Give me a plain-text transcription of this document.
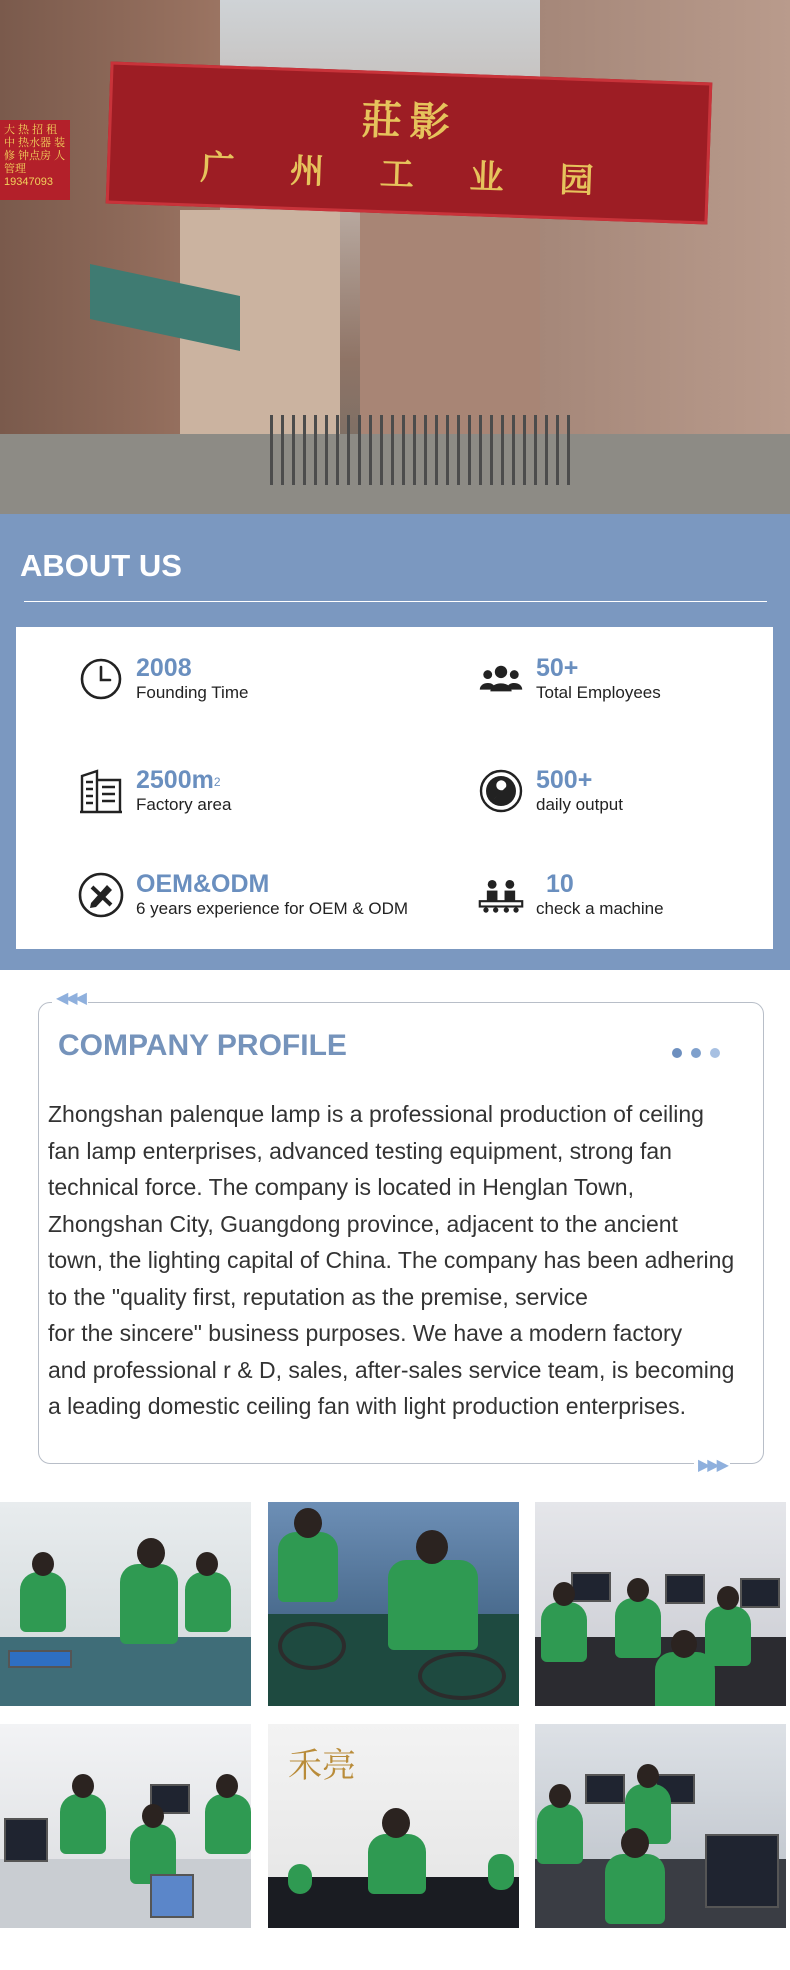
大 热 招 租 中 热水器 装 修 钟点房 人管理 19347093
莊影
广 州 工 业 园
ABOUT US
2008
Founding Time
50+
Total Employees
$2500m^2$
Factory area
500+
daily output
OEM&ODM
6 years experience for OEM & ODM
10
check a machine
◀◀◀
▶▶▶
COMPANY PROFILE

Zhongshan palenque lamp is a professional production of ceiling
fan lamp enterprises, advanced testing equipment, strong fan
technical force. The company is located in Henglan Town,
Zhongshan City, Guangdong province, adjacent to the ancient
town, the lighting capital of China. The company has been adhering
to the "quality first, reputation as the premise, service
for the sincere" business purposes. We have a modern factory
and professional r & D, sales, after-sales service team, is becoming
a leading domestic ceiling fan with light production enterprises.

禾亮
